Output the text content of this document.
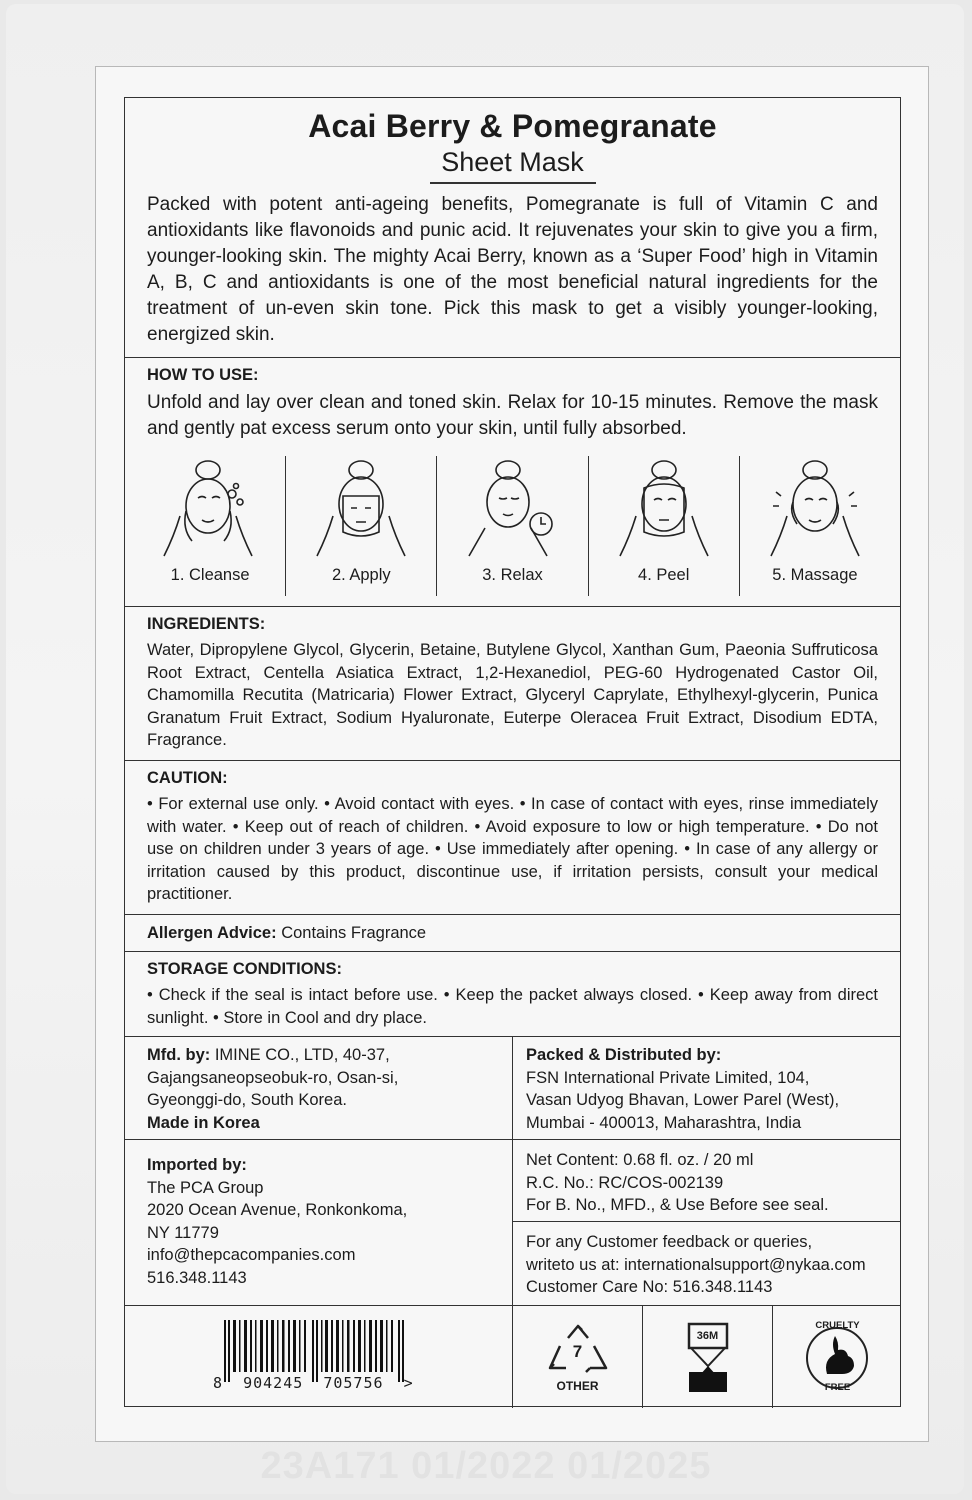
Acai Berry & Pomegranate
Sheet Mask
Packed with potent anti-ageing benefits, Pomegranate is full of Vitamin C and antioxidants like flavonoids and punic acid. It rejuvenates your skin to give you a firm, younger-looking skin. The mighty Acai Berry, known as a ‘Super Food’ high in Vitamin A, B, C and antioxidants is one of the most beneficial natural ingredients for the treatment of un-even skin tone. Pick this mask to get a visibly younger-looking, energized skin.
HOW TO USE:
Unfold and lay over clean and toned skin. Relax for 10-15 minutes. Remove the mask and gently pat excess serum onto your skin, until fully absorbed.
1. Cleanse	2. Apply	3. Relax	4. Peel	5. Massage
INGREDIENTS:
Water, Dipropylene Glycol, Glycerin, Betaine, Butylene Glycol, Xanthan Gum, Paeonia Suffruticosa Root Extract, Centella Asiatica Extract, 1,2-Hexanediol, PEG-60 Hydrogenated Castor Oil, Chamomilla Recutita (Matricaria) Flower Extract, Glyceryl Caprylate, Ethylhexyl-glycerin, Punica Granatum Fruit Extract, Sodium Hyaluronate, Euterpe Oleracea Fruit Extract, Disodium EDTA, Fragrance.
CAUTION:
• For external use only. • Avoid contact with eyes. • In case of contact with eyes, rinse immediately with water. • Keep out of reach of children. • Avoid exposure to low or high temperature. • Do not use on children under 3 years of age. • Use immediately after opening. • In case of any allergy or irritation caused by this product, discontinue use, if irritation persists, consult your medical practitioner.
Allergen Advice: Contains Fragrance
STORAGE CONDITIONS:
• Check if the seal is intact before use. • Keep the packet always closed. • Keep away from direct sunlight. • Store in Cool and dry place.
Mfd. by: IMINE CO., LTD, 40-37,
Gajangsaneopseobuk-ro, Osan-si,
Gyeonggi-do, South Korea.
Made in Korea
Packed & Distributed by:
FSN International Private Limited, 104,
Vasan Udyog Bhavan, Lower Parel (West),
Mumbai - 400013, Maharashtra, India
Imported by:
The PCA Group
2020 Ocean Avenue, Ronkonkoma,
NY 11779
info@thepcacompanies.com
516.348.1143
Net Content: 0.68 fl. oz. / 20 ml
R.C. No.: RC/COS-002139
For B. No., MFD., & Use Before see seal.
For any Customer feedback or queries,
writeto us at: internationalsupport@nykaa.com
Customer Care No: 516.348.1143
8  904245  705756  >
7
OTHER
36M
CRUELTY
FREE
23A171 01/2022 01/2025
